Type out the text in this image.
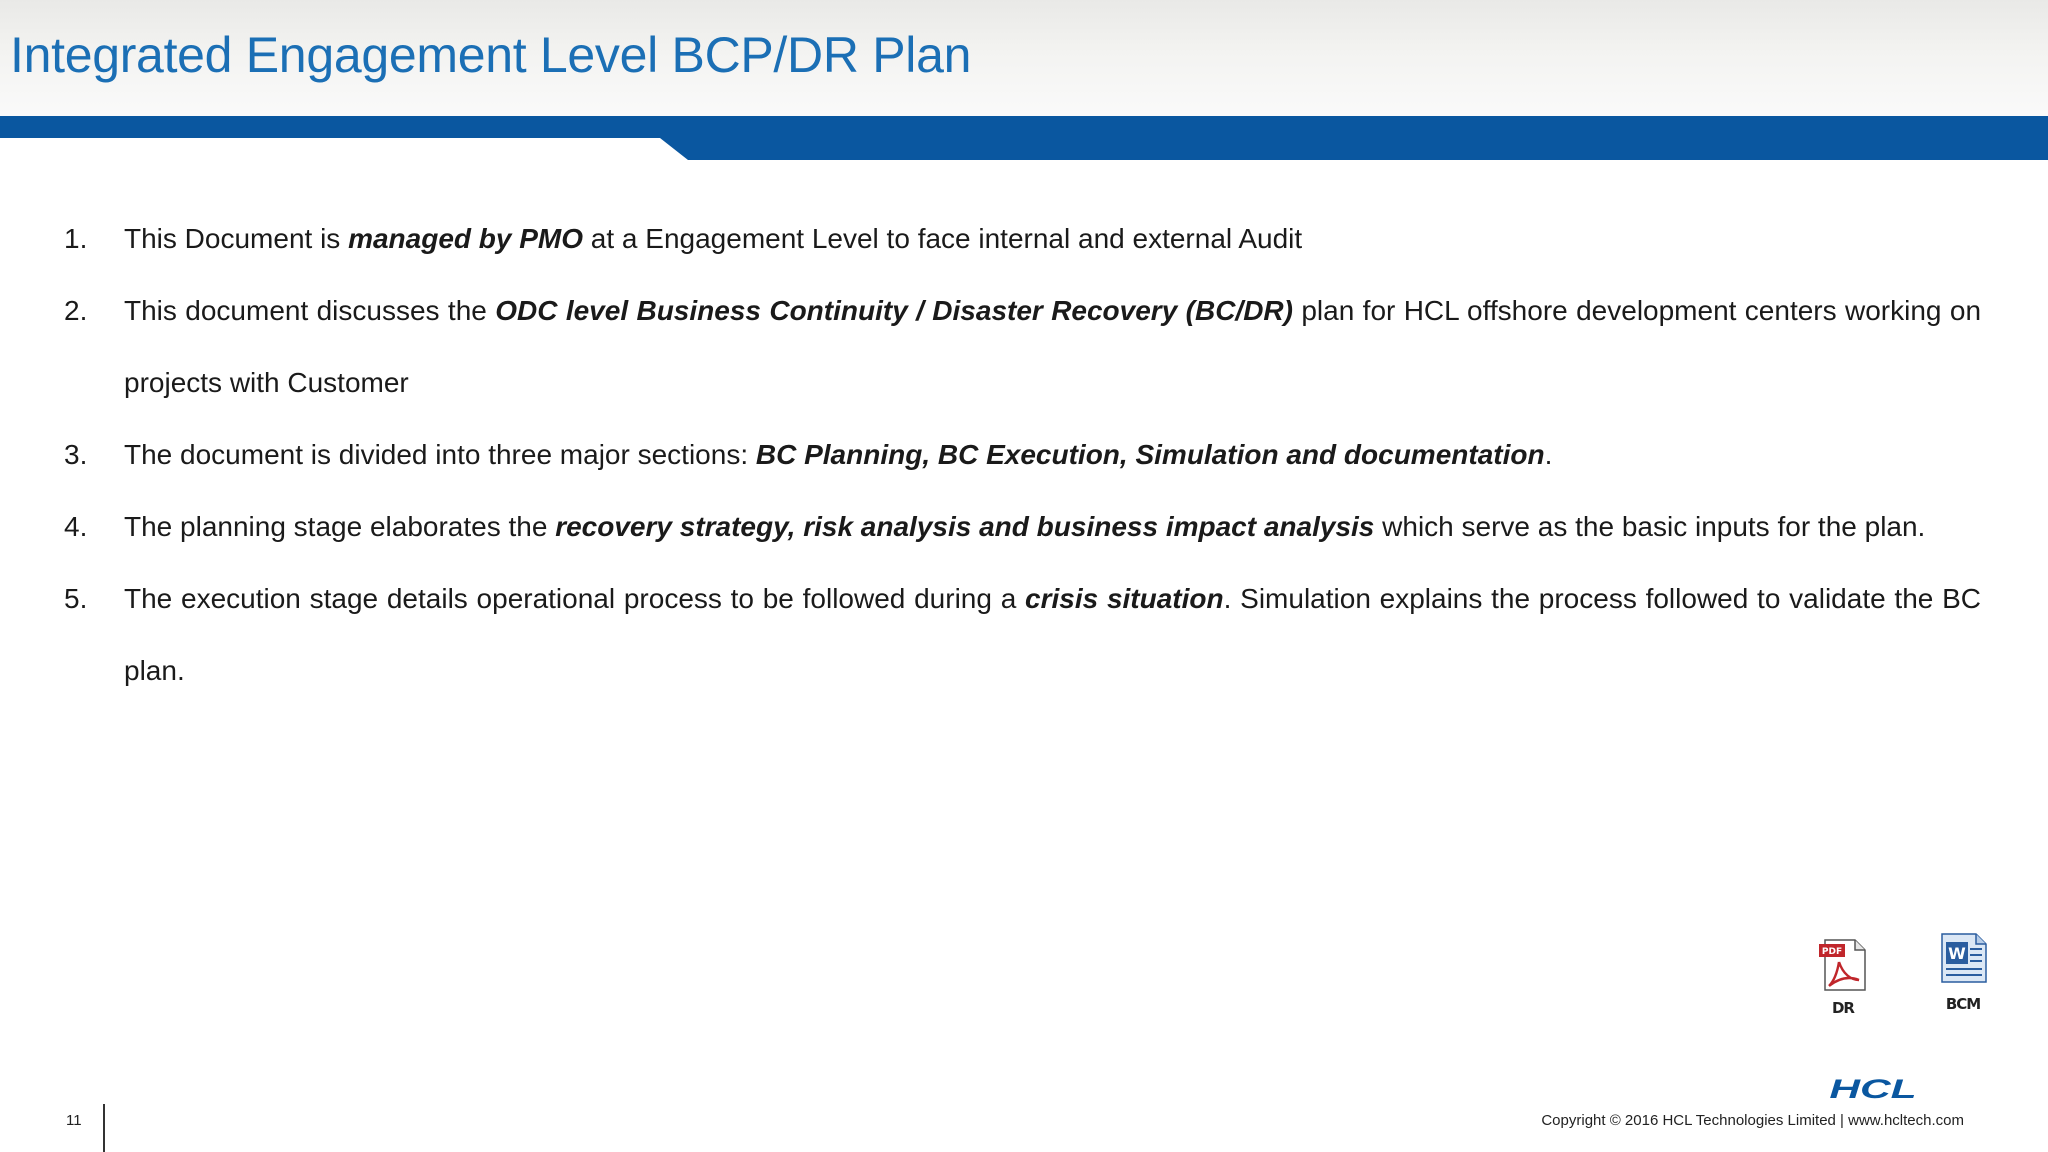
Integrated Engagement Level BCP/DR Plan
1. This Document is managed by PMO at a Engagement Level to face internal and external Audit

2. This document discusses the ODC level Business Continuity / Disaster Recovery (BC/DR) plan for HCL offshore development centers working on projects with Customer

3. The document is divided into three major sections: BC Planning, BC Execution, Simulation and documentation.

4. The planning stage elaborates the recovery strategy, risk analysis and business impact analysis which serve as the basic inputs for the plan.

5. The execution stage details operational process to be followed during a crisis situation. Simulation explains the process followed to validate the BC plan.

PDF
DR
W
BCM
HCL
11	Copyright © 2016 HCL Technologies Limited | www.hcltech.com
